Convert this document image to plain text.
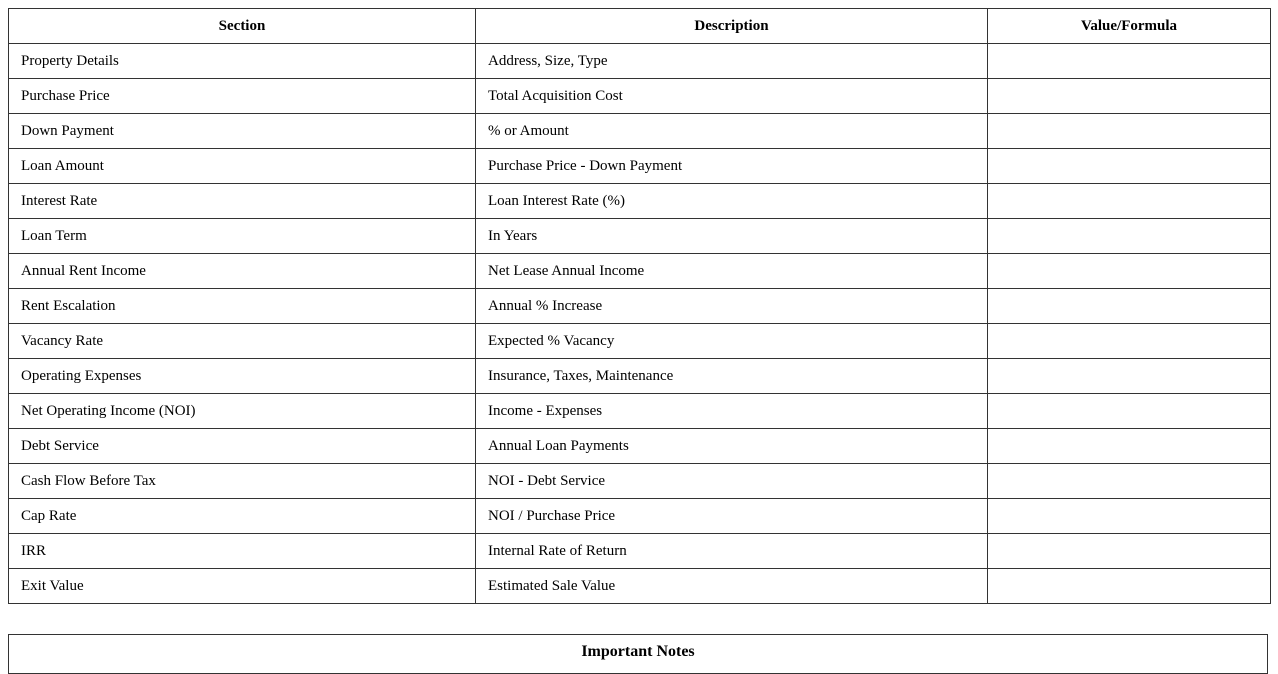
Section	Description	Value/Formula
Property Details	Address, Size, Type	
Purchase Price	Total Acquisition Cost	
Down Payment	% or Amount	
Loan Amount	Purchase Price - Down Payment	
Interest Rate	Loan Interest Rate (%)	
Loan Term	In Years	
Annual Rent Income	Net Lease Annual Income	
Rent Escalation	Annual % Increase	
Vacancy Rate	Expected % Vacancy	
Operating Expenses	Insurance, Taxes, Maintenance	
Net Operating Income (NOI)	Income - Expenses	
Debt Service	Annual Loan Payments	
Cash Flow Before Tax	NOI - Debt Service	
Cap Rate	NOI / Purchase Price	
IRR	Internal Rate of Return	
Exit Value	Estimated Sale Value	
Important Notes
